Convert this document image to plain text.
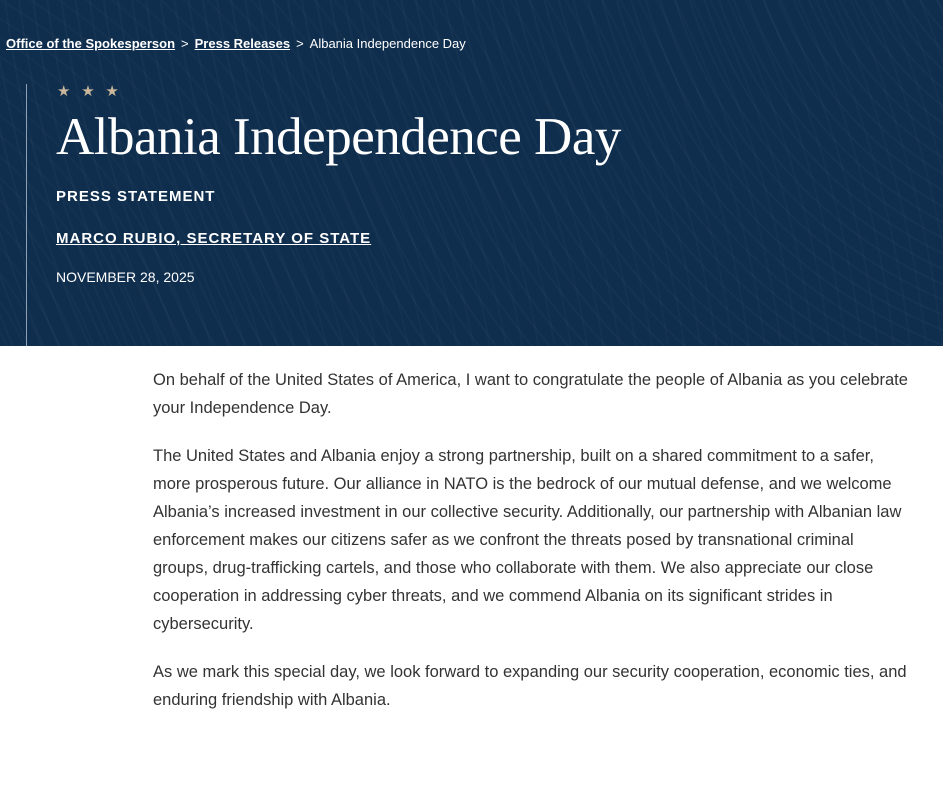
Office of the Spokesperson > Press Releases > Albania Independence Day
★ ★ ★
Albania Independence Day
PRESS STATEMENT
MARCO RUBIO, SECRETARY OF STATE
NOVEMBER 28, 2025

On behalf of the United States of America, I want to congratulate the people of Albania as you celebrate your Independence Day.

The United States and Albania enjoy a strong partnership, built on a shared commitment to a safer, more prosperous future. Our alliance in NATO is the bedrock of our mutual defense, and we welcome Albania’s increased investment in our collective security. Additionally, our partnership with Albanian law enforcement makes our citizens safer as we confront the threats posed by transnational criminal groups, drug-trafficking cartels, and those who collaborate with them. We also appreciate our close cooperation in addressing cyber threats, and we commend Albania on its significant strides in cybersecurity.

As we mark this special day, we look forward to expanding our security cooperation, economic ties, and enduring friendship with Albania.
